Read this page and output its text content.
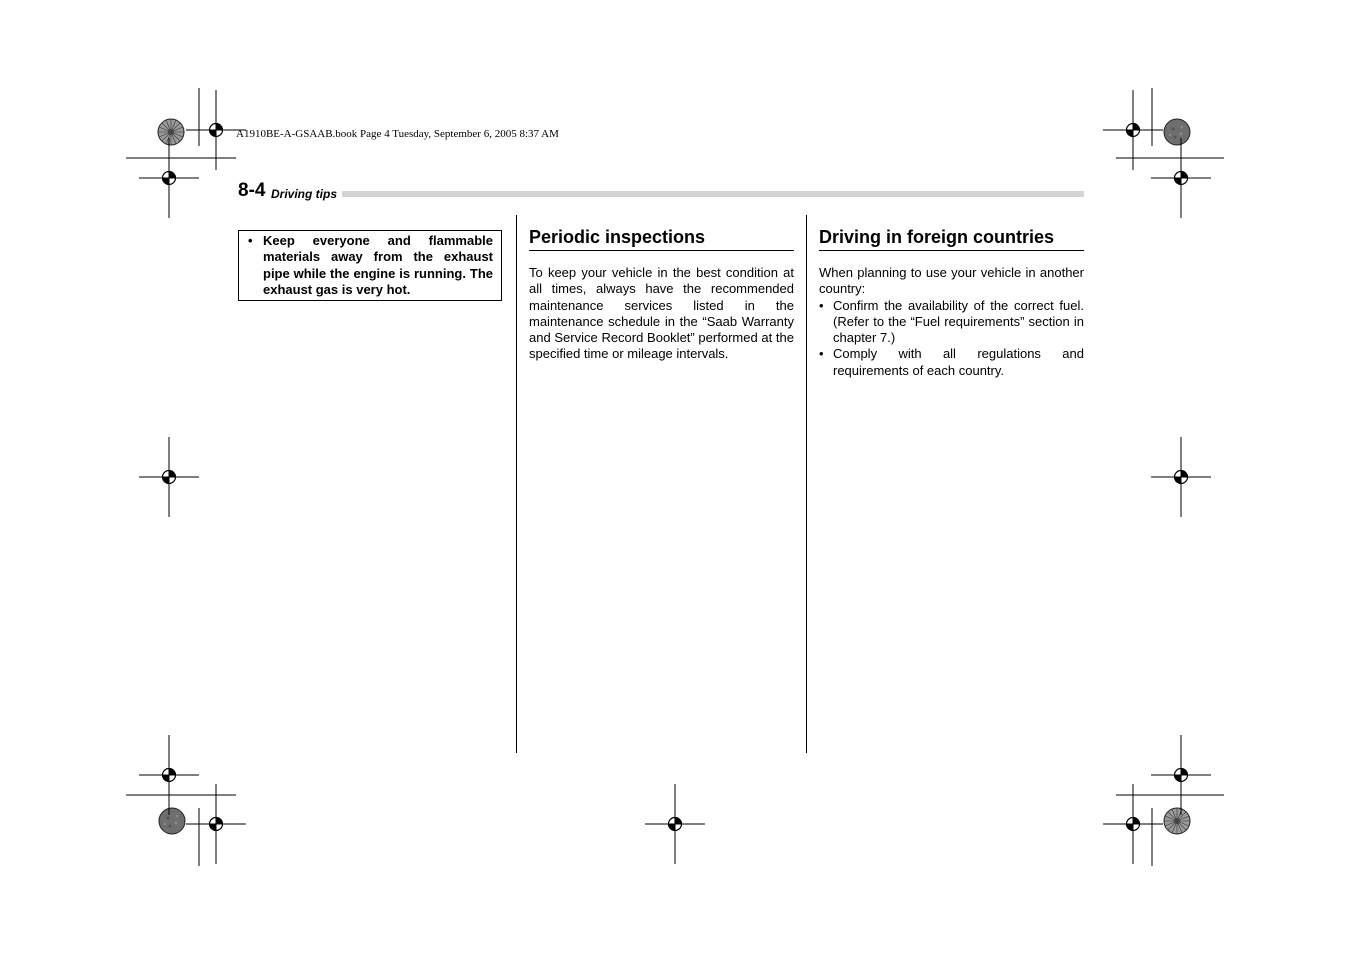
A1910BE-A-GSAAB.book Page 4 Tuesday, September 6, 2005 8:37 AM
8-4 Driving tips
• Keep everyone and flammable materials away from the exhaust pipe while the engine is running. The exhaust gas is very hot.
Periodic inspections

To keep your vehicle in the best condition at all times, always have the recommended maintenance services listed in the maintenance schedule in the “Saab Warranty and Service Record Booklet” performed at the specified time or mileage intervals.

Driving in foreign countries

When planning to use your vehicle in another country:

• Confirm the availability of the correct fuel. (Refer to the “Fuel requirements” section in chapter 7.)
• Comply with all regulations and requirements of each country.
